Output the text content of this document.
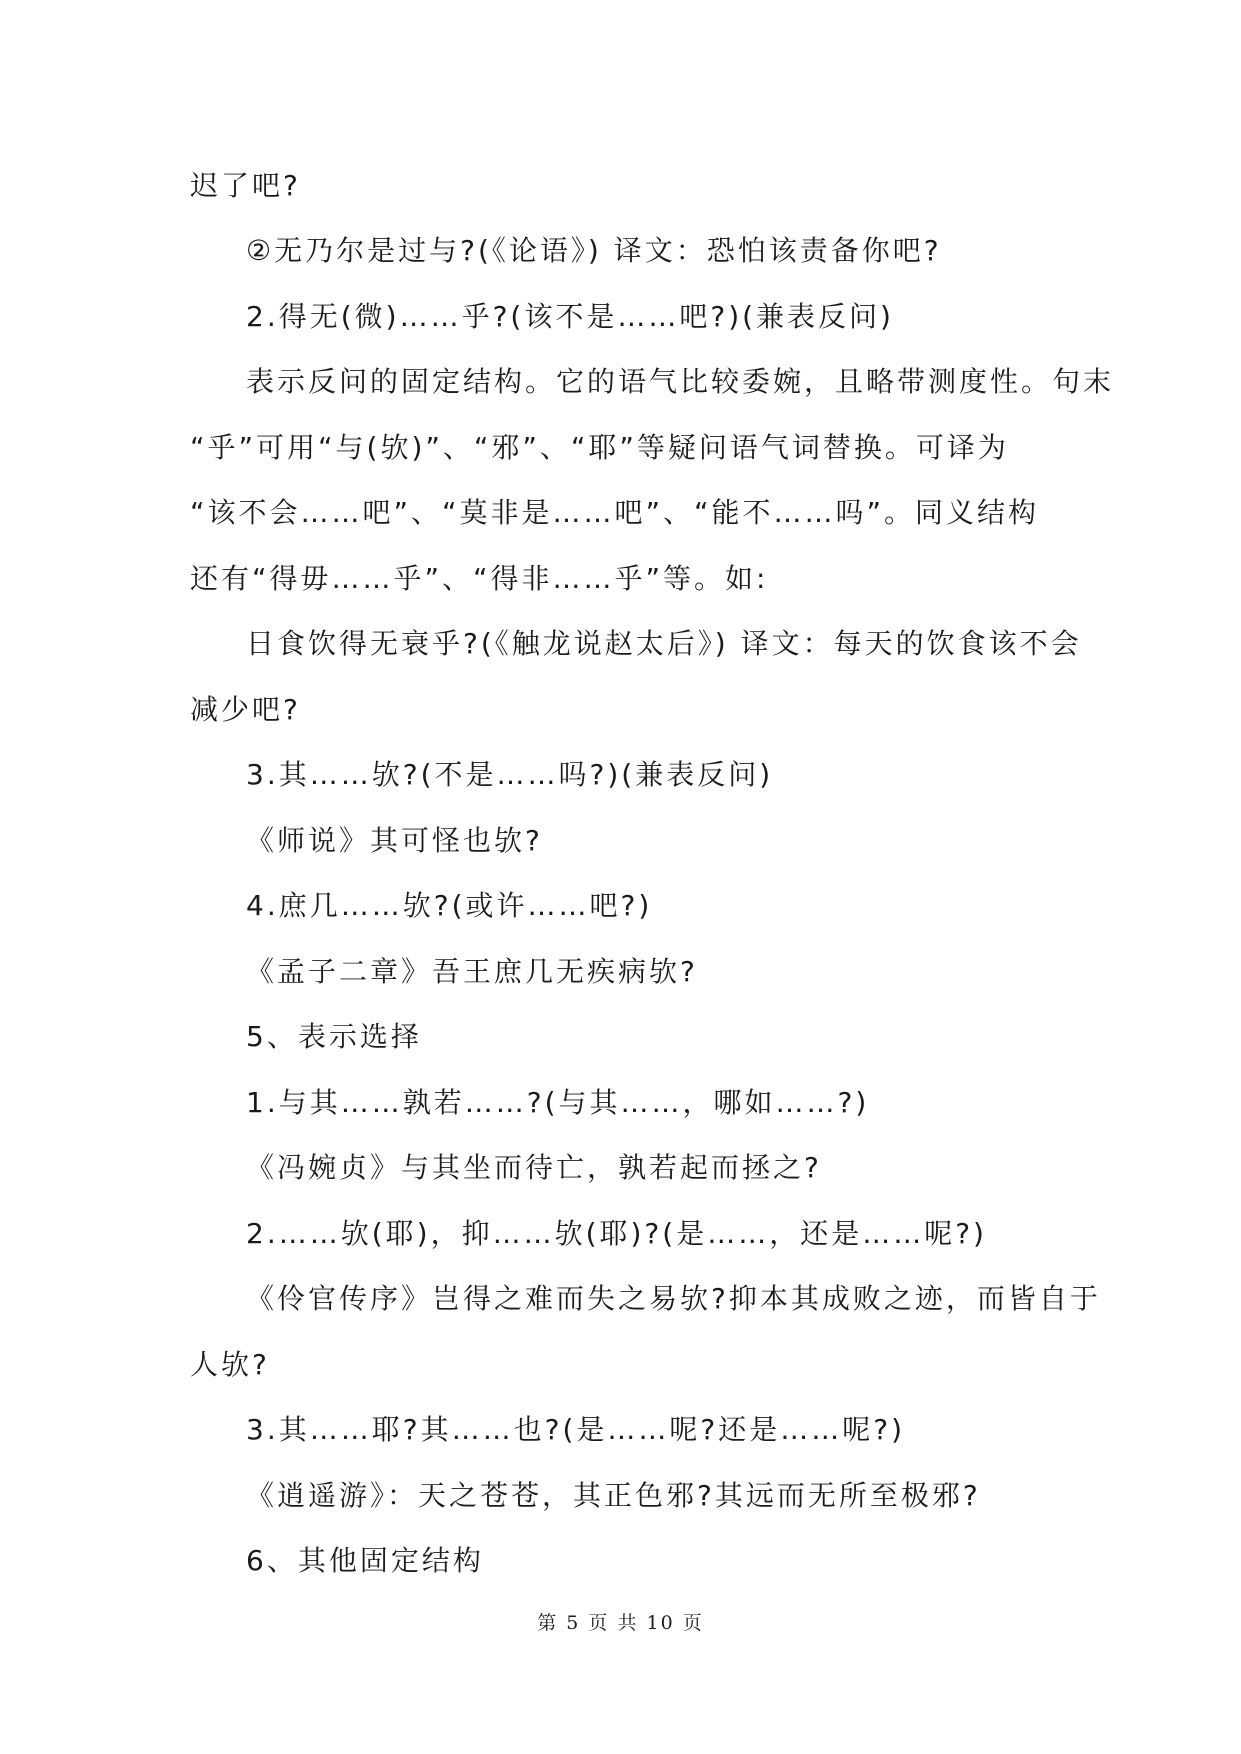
迟了吧?
②无乃尔是过与?(《论语》) 译文：恐怕该责备你吧?
2.得无(微)……乎?(该不是……吧?)(兼表反问)
表示反问的固定结构。它的语气比较委婉，且略带测度性。句末
“乎”可用“与(欤)”、“邪”、“耶”等疑问语气词替换。可译为
“该不会……吧”、“莫非是……吧”、“能不……吗”。同义结构
还有“得毋……乎”、“得非……乎”等。如:
日食饮得无衰乎?(《触龙说赵太后》) 译文：每天的饮食该不会
减少吧?
3.其……欤?(不是……吗?)(兼表反问)
《师说》其可怪也欤?
4.庶几……欤?(或许……吧?)
《孟子二章》吾王庶几无疾病欤?
5、表示选择
1.与其……孰若……?(与其……，哪如……?)
《冯婉贞》与其坐而待亡，孰若起而拯之?
2.……欤(耶)，抑……欤(耶)?(是……，还是……呢?)
《伶官传序》岂得之难而失之易欤?抑本其成败之迹，而皆自于
人欤?
3.其……耶?其……也?(是……呢?还是……呢?)
《逍遥游》：天之苍苍，其正色邪?其远而无所至极邪?
6、其他固定结构
第 5 页 共 10 页
